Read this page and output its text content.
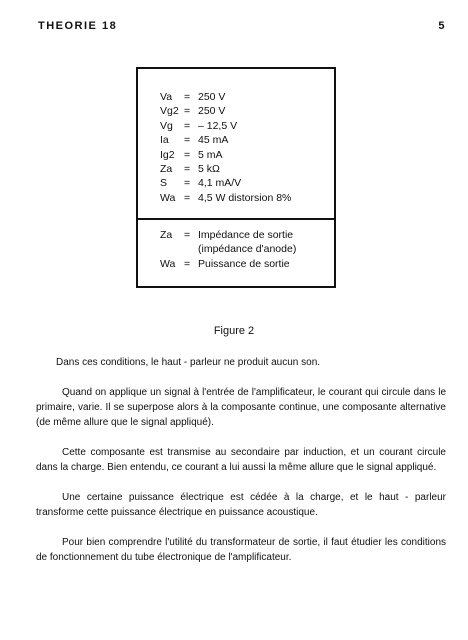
THEORIE 18	5
Va	= 250 V
Vg2 = 250 V
Vg	= – 12,5 V
Ia	= 45 mA
Ig2 = 5 mA
Za	= 5 kΩ
S	= 4,1 mA/V
Wa = 4,5 W distorsion 8%
Za	= Impédance de sortie
(impédance d'anode)
Wa = Puissance de sortie
Figure 2

Dans ces conditions, le haut - parleur ne produit aucun son.

Quand on applique un signal à l'entrée de l'amplificateur, le courant qui circule dans le primaire, varie. Il se superpose alors à la composante continue, une composante alternative (de même allure que le signal appliqué).

Cette composante est transmise au secondaire par induction, et un courant circule dans la charge. Bien entendu, ce courant a lui aussi la même allure que le signal appliqué.

Une certaine puissance électrique est cédée à la charge, et le haut - parleur transforme cette puissance électrique en puissance acoustique.

Pour bien comprendre l'utilité du transformateur de sortie, il faut étudier les conditions de fonctionnement du tube électronique de l'amplificateur.
